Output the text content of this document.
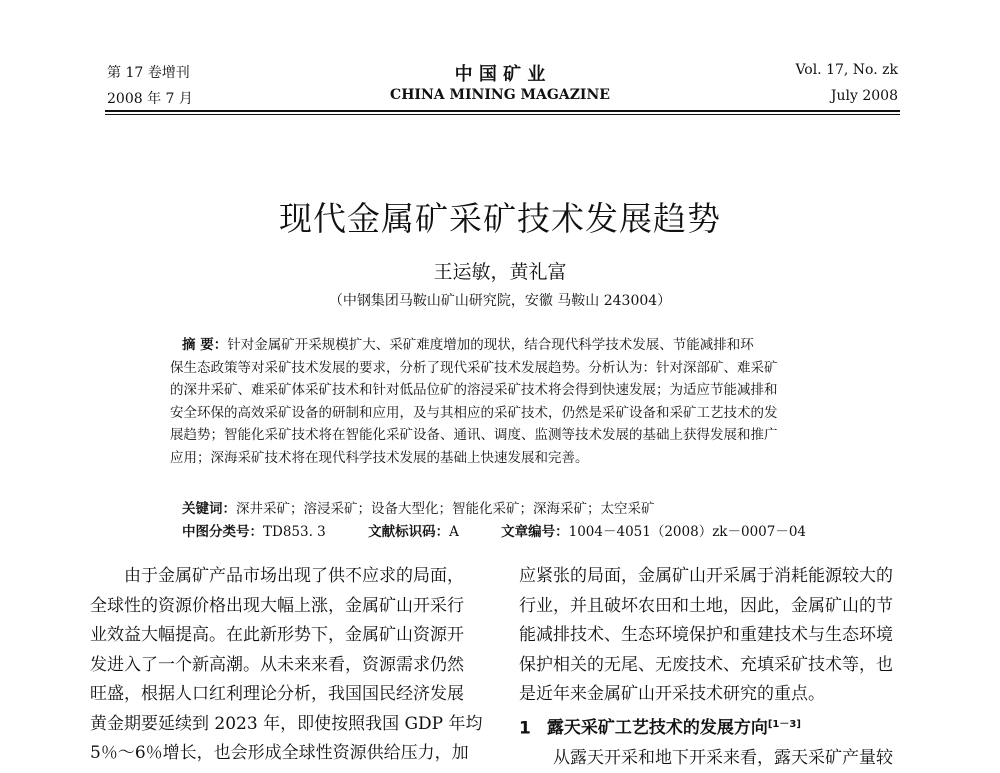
第 17 卷增刊
2008 年 7 月
中 国 矿 业
CHINA MINING MAGAZINE
Vol. 17, No. zk
July 2008
现代金属矿采矿技术发展趋势
王运敏，黄礼富
（中钢集团马鞍山矿山研究院，安徽 马鞍山 243004）
摘 要：针对金属矿开采规模扩大、采矿难度增加的现状，结合现代科学技术发展、节能减排和环
保生态政策等对采矿技术发展的要求，分析了现代采矿技术发展趋势。分析认为：针对深部矿、难采矿
的深井采矿、难采矿体采矿技术和针对低品位矿的溶浸采矿技术将会得到快速发展；为适应节能减排和
安全环保的高效采矿设备的研制和应用，及与其相应的采矿技术，仍然是采矿设备和采矿工艺技术的发
展趋势；智能化采矿技术将在智能化采矿设备、通讯、调度、监测等技术发展的基础上获得发展和推广
应用；深海采矿技术将在现代科学技术发展的基础上快速发展和完善。
关键词：深井采矿；溶浸采矿；设备大型化；智能化采矿；深海采矿；太空采矿
中图分类号：TD853. 3	文献标识码：A	文章编号：1004－4051（2008）zk－0007－04
　　由于金属矿产品市场出现了供不应求的局面，
全球性的资源价格出现大幅上涨，金属矿山开采行
业效益大幅提高。在此新形势下，金属矿山资源开
发进入了一个新高潮。从未来来看，资源需求仍然
旺盛，根据人口红利理论分析，我国国民经济发展
黄金期要延续到 2023 年，即使按照我国 GDP 年均
5％～6％增长，也会形成全球性资源供给压力，加
应紧张的局面，金属矿山开采属于消耗能源较大的
行业，并且破坏农田和土地，因此，金属矿山的节
能减排技术、生态环境保护和重建技术与生态环境
保护相关的无尾、无废技术、充填采矿技术等，也
是近年来金属矿山开采技术研究的重点。
1 露天采矿工艺技术的发展方向[1－3]
　　从露天开采和地下开采来看，露天采矿产量较
